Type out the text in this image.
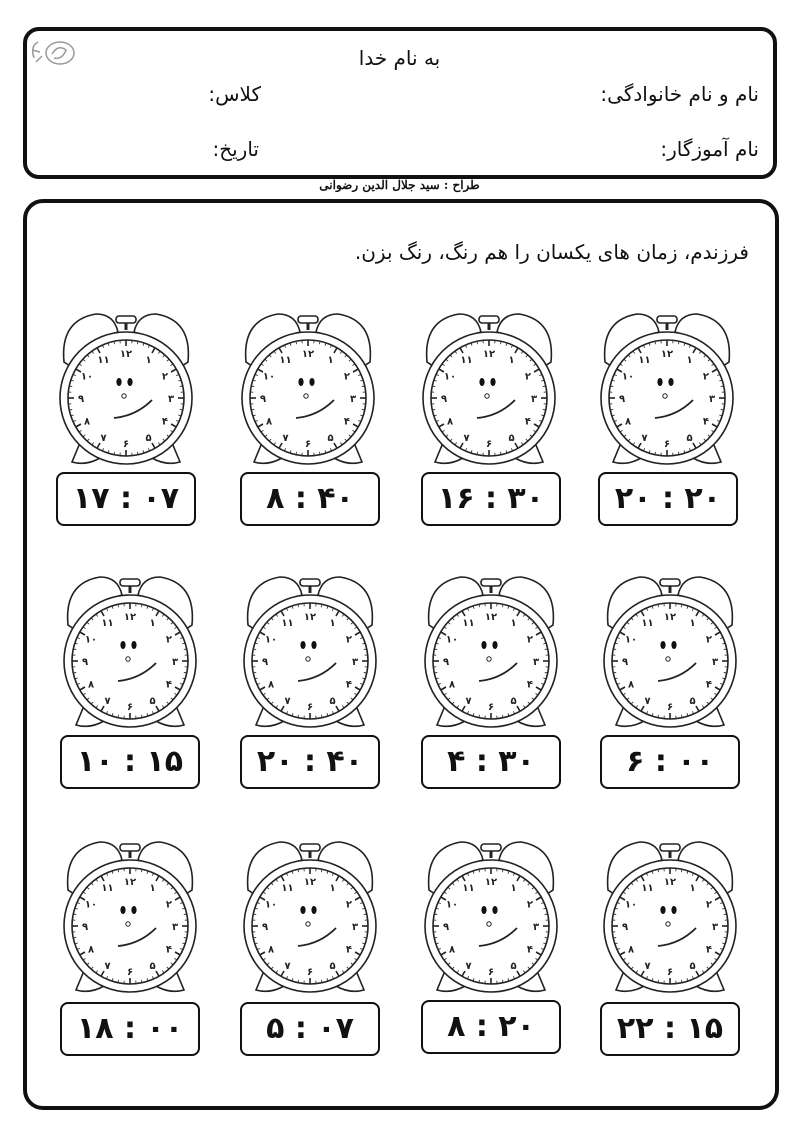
به نام خدا
نام و نام خانوادگی:
کلاس:
نام آموزگار:
تاریخ:
طراح : سید جلال الدین رضوانی
فرزندم، زمان های یکسان را هم رنگ، رنگ بزن.
۱۲
۱
۲
۳
۴
۵
۶
۷
۸
۹
۱۰
۱۱
۱۲
۱
۲
۳
۴
۵
۶
۷
۸
۹
۱۰
۱۱
۱۲
۱
۲
۳
۴
۵
۶
۷
۸
۹
۱۰
۱۱
۱۲
۱
۲
۳
۴
۵
۶
۷
۸
۹
۱۰
۱۱
۱۲
۱
۲
۳
۴
۵
۶
۷
۸
۹
۱۰
۱۱
۱۲
۱
۲
۳
۴
۵
۶
۷
۸
۹
۱۰
۱۱
۱۲
۱
۲
۳
۴
۵
۶
۷
۸
۹
۱۰
۱۱
۱۲
۱
۲
۳
۴
۵
۶
۷
۸
۹
۱۰
۱۱
۱۲
۱
۲
۳
۴
۵
۶
۷
۸
۹
۱۰
۱۱
۱۲
۱
۲
۳
۴
۵
۶
۷
۸
۹
۱۰
۱۱
۱۲
۱
۲
۳
۴
۵
۶
۷
۸
۹
۱۰
۱۱
۱۲
۱
۲
۳
۴
۵
۶
۷
۸
۹
۱۰
۱۱
۱۷ : ۰۷	۸ : ۴۰	۱۶ : ۳۰	۲۰ : ۲۰
۱۰ : ۱۵	۲۰ : ۴۰	۴ : ۳۰	۶ : ۰۰
۱۸ : ۰۰	۵ : ۰۷	۸ : ۲۰	۲۲ : ۱۵
